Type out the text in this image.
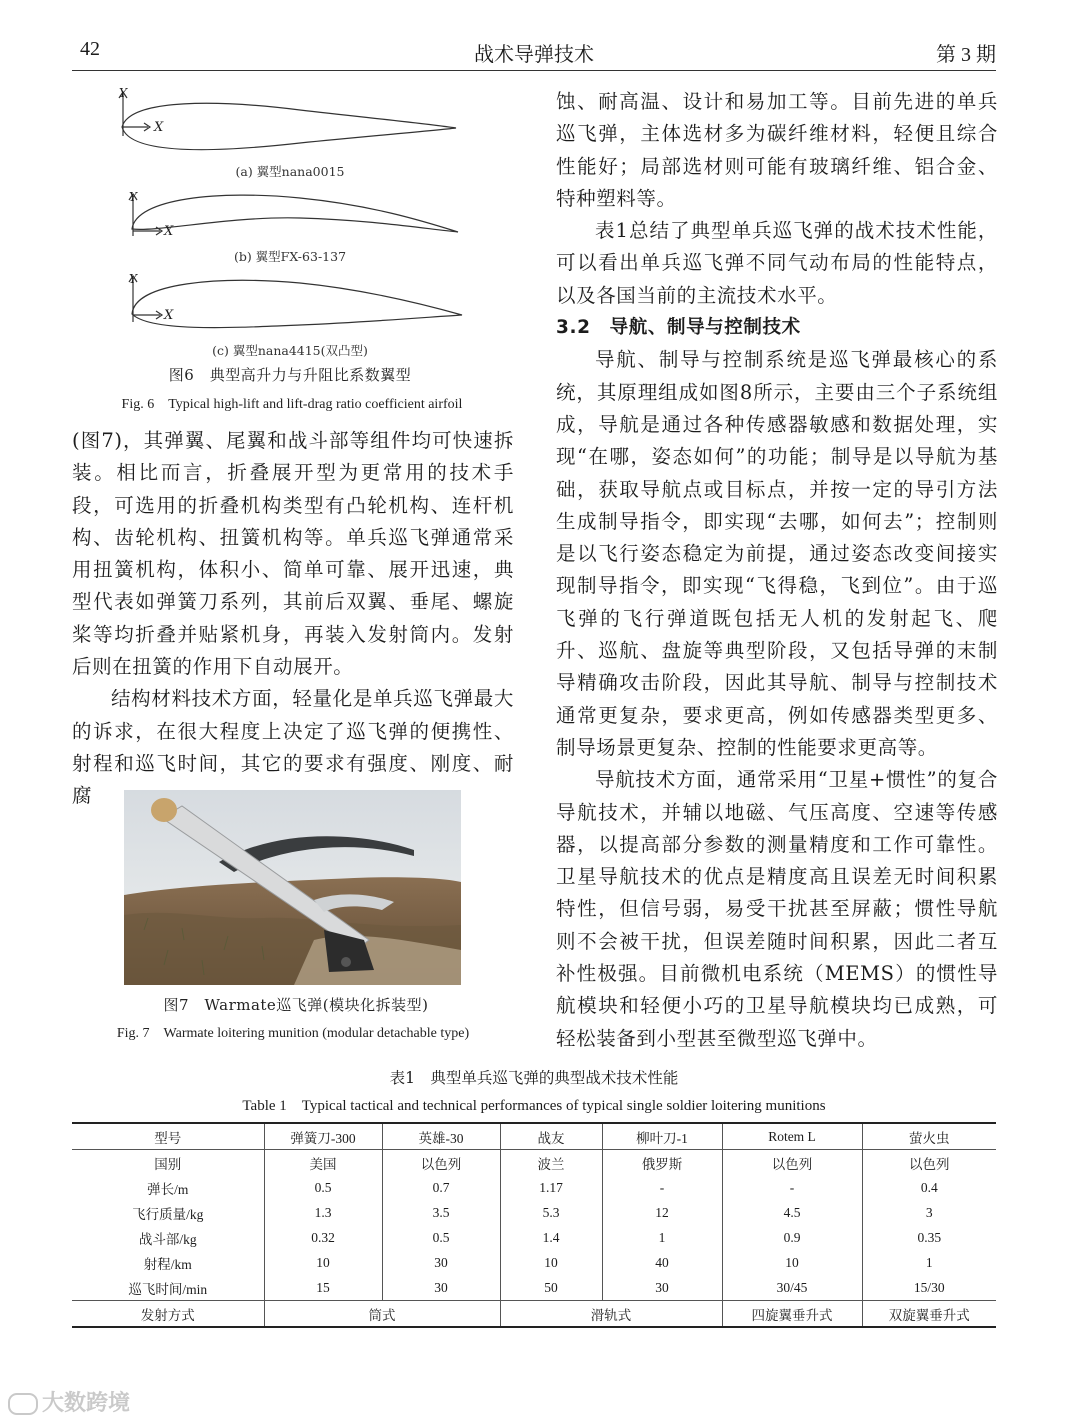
42	战术导弹技术	第 3 期
Y
X
Y
X
Y
X
(a) 翼型nana0015
(b) 翼型FX-63-137
(c) 翼型nana4415(双凸型)
图6　典型高升力与升阻比系数翼型
Fig. 6　Typical high-lift and lift-drag ratio coefficient airfoil

(图7)，其弹翼、尾翼和战斗部等组件均可快速拆装。相比而言，折叠展开型为更常用的技术手段，可选用的折叠机构类型有凸轮机构、连杆机构、齿轮机构、扭簧机构等。单兵巡飞弹通常采用扭簧机构，体积小、简单可靠、展开迅速，典型代表如弹簧刀系列，其前后双翼、垂尾、螺旋桨等均折叠并贴紧机身，再装入发射筒内。发射后则在扭簧的作用下自动展开。

结构材料技术方面，轻量化是单兵巡飞弹最大的诉求，在很大程度上决定了巡飞弹的便携性、射程和巡飞时间，其它的要求有强度、刚度、耐腐

图7　Warmate巡飞弹(模块化拆装型)
Fig. 7　Warmate loitering munition (modular detachable type)

蚀、耐高温、设计和易加工等。目前先进的单兵巡飞弹，主体选材多为碳纤维材料，轻便且综合性能好；局部选材则可能有玻璃纤维、铝合金、特种塑料等。

表1总结了典型单兵巡飞弹的战术技术性能，可以看出单兵巡飞弹不同气动布局的性能特点，以及各国当前的主流技术水平。

3.2　导航、制导与控制技术

导航、制导与控制系统是巡飞弹最核心的系统，其原理组成如图8所示，主要由三个子系统组成，导航是通过各种传感器敏感和数据处理，实现“在哪，姿态如何”的功能；制导是以导航为基础，获取导航点或目标点，并按一定的导引方法生成制导指令，即实现“去哪，如何去”；控制则是以飞行姿态稳定为前提，通过姿态改变间接实现制导指令，即实现“飞得稳，飞到位”。由于巡飞弹的飞行弹道既包括无人机的发射起飞、爬升、巡航、盘旋等典型阶段，又包括导弹的末制导精确攻击阶段，因此其导航、制导与控制技术通常更复杂，要求更高，例如传感器类型更多、制导场景更复杂、控制的性能要求更高等。

导航技术方面，通常采用“卫星+惯性”的复合导航技术，并辅以地磁、气压高度、空速等传感器，以提高部分参数的测量精度和工作可靠性。卫星导航技术的优点是精度高且误差无时间积累特性，但信号弱，易受干扰甚至屏蔽；惯性导航则不会被干扰，但误差随时间积累，因此二者互补性极强。目前微机电系统（MEMS）的惯性导航模块和轻便小巧的卫星导航模块均已成熟，可轻松装备到小型甚至微型巡飞弹中。

表1　典型单兵巡飞弹的典型战术技术性能
Table 1　Typical tactical and technical performances of typical single soldier loitering munitions
型号	弹簧刀-300	英雄-30	战友	柳叶刀-1	Rotem L	萤火虫
国别	美国	以色列	波兰	俄罗斯	以色列	以色列
弹长/m	0.5	0.7	1.17	-	-	0.4
飞行质量/kg	1.3	3.5	5.3	12	4.5	3
战斗部/kg	0.32	0.5	1.4	1	0.9	0.35
射程/km	10	30	10	40	10	1
巡飞时间/min	15	30	50	30	30/45	15/30
发射方式	筒式		滑轨式		四旋翼垂升式	双旋翼垂升式
大数跨境
